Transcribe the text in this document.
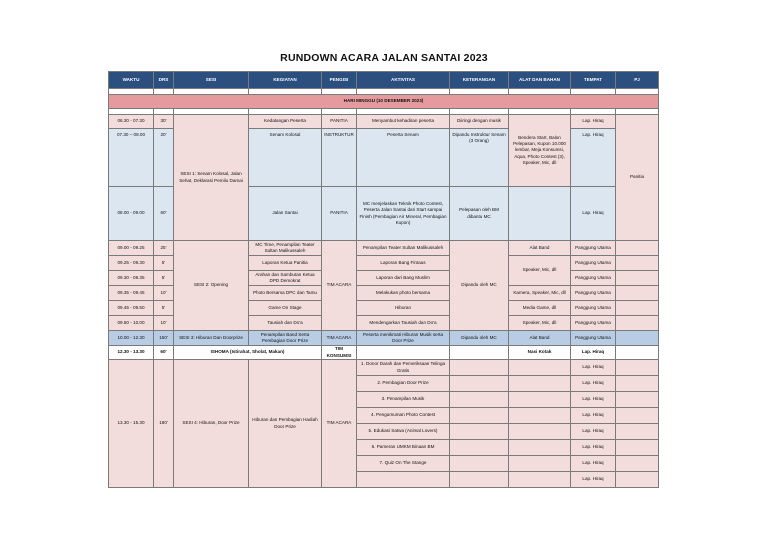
RUNDOWN ACARA JALAN SANTAI 2023
WAKTU	DRS	SESI	KEGIATAN	PENGISI	AKTIVITAS	KETERANGAN	ALAT DAN BAHAN	TEMPAT	PJ

HARI MINGGU (10 DESEMBER 2023)									

06.30 - 07.30	30'	SESI 1: Senam Kolosal, Jalan Sehat, Deklarasi Pemilu Damai	Kedatangan Peserta	PANITIA	Menyambut kehadiran peserta	Diiringi dengan musik	Bendera Start, Balon Pelepasan, Kupon 10.000 lembar, Meja Konsumsi, Aqua, Photo Contest (3), Speaker, Mic, dll	Lap. Hiraq	Panitia
07.30 – 08.00	20'		Senam Kolosal	INSTRUKTUR	Peserta Senam	Dipandu Instruktur Senam (3 Orang)		Lap. Hiraq	
08.00 - 09.00	60'		Jalan Santai	PANITIA	MC menjelaskan Teknik Photo Contest, Peserta Jalan Santai dari Start sampai Finish (Pembagian Air Mineral, Pembagian Kupon)	Pelepasan oleh BM dibantu MC		Lap. Hiraq	
09.00 - 09.25	25'	SESI 2: Opening	MC Time, Penampilan Teater Sultan Malikussaleh	TIM ACARA	Penampilan Teater Sultan Malikussaleh	Dipandu oleh MC	Alat Band	Panggung Utama	
09.25 - 09.30	5'		Laporan Ketua Panitia		Laporan Bang Fintaus		Speaker, Mic, dll	Panggung Utama	
09.30 - 09.35	5'		Arahan dan Sambutan Ketua DPD Demokrat		Laporan dari Bang Muslim			Panggung Utama	
09.35 - 09.45	10'		Photo Bersama DPC dan Tamu		Melakukan photo bersama		Kamera, Speaker, Mic, dll	Panggung Utama	
09.45 - 09.50	5'		Game On Stage		Hiburan		Media Game, dll	Panggung Utama	
09.50 - 10.00	10'		Tausiah dan Do'a		Mendengarkan Tausiah dan Do'a		Speaker, Mic, dll	Panggung Utama	
10.00 - 12.30	150'	SESI 3: Hiburan Dan Doorprize	Penampilan Band Serta Pembagian Door Prize	TIM ACARA	Peserta menikmati Hiburan Musik serta Door Prize	Dipandu oleh MC	Alat Band	Panggung Utama	
12.30 - 13.30	60'	ISHOMA (Istirahat, Sholat, Makan)		TIM KONSUMSI			Nasi Kotak	Lap. Hiraq	
13.30 - 15.30	180'	SESI 4: Hiburan, Door Prize	Hiburan dan Pembagian Hadiah Door Prize	TIM ACARA	1. Donor Darah dan Pemeriksaan Telinga Gratis			Lap. Hiraq	
					2. Pembagian Door Prize			Lap. Hiraq	
					3. Penampilan Musik			Lap. Hiraq	
					4. Pengumuman Photo Contest			Lap. Hiraq	
					5. Edukasi Satwa (Animal Lovers)			Lap. Hiraq	
					6. Pameran UMKM Binaan BM			Lap. Hiraq	
					7. Quiz On The Stange			Lap. Hiraq	
								Lap. Hiraq	
